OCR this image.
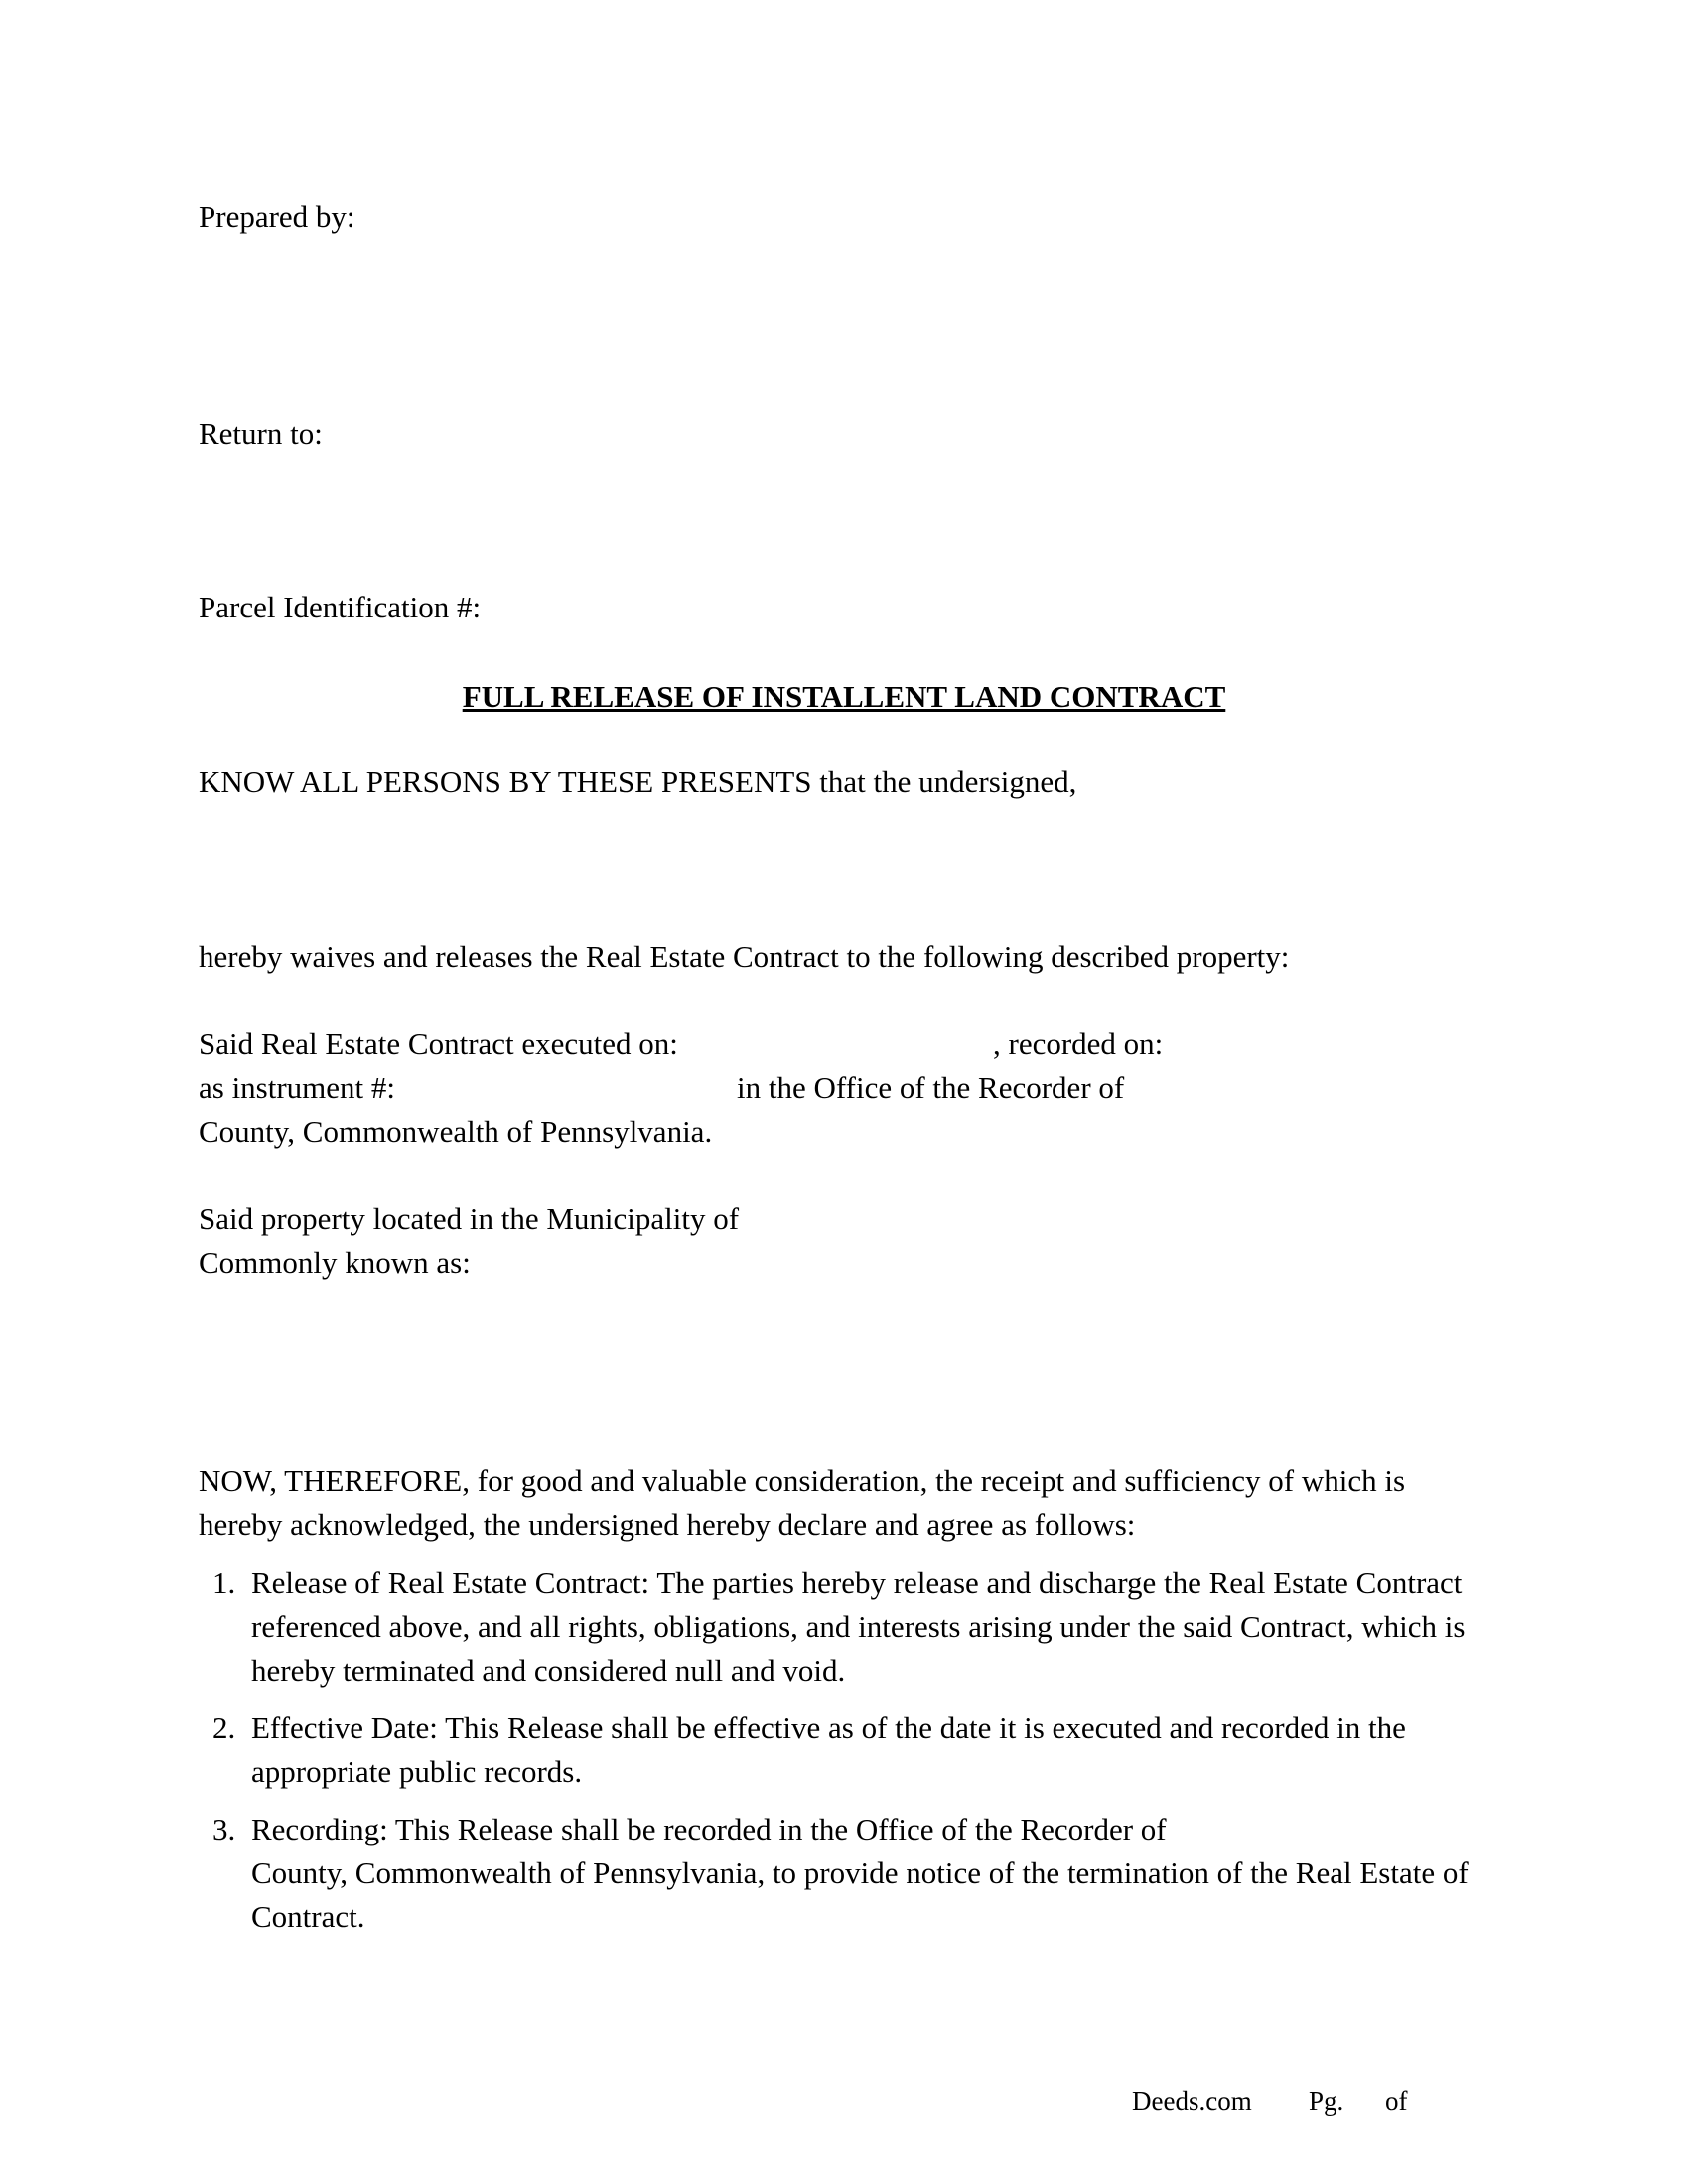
Prepared by:
Return to:
Parcel Identification #:
FULL RELEASE OF INSTALLENT LAND CONTRACT
KNOW ALL PERSONS BY THESE PRESENTS that the undersigned,
hereby waives and releases the Real Estate Contract to the following described property:
Said Real Estate Contract executed on:	, recorded on:
as instrument #:	in the Office of the Recorder of
County, Commonwealth of Pennsylvania.
Said property located in the Municipality of
Commonly known as:
NOW, THEREFORE, for good and valuable consideration, the receipt and sufficiency of which is hereby acknowledged, the undersigned hereby declare and agree as follows:
1. Release of Real Estate Contract: The parties hereby release and discharge the Real Estate Contract referenced above, and all rights, obligations, and interests arising under the said Contract, which is hereby terminated and considered null and void.
2. Effective Date: This Release shall be effective as of the date it is executed and recorded in the appropriate public records.
3. Recording: This Release shall be recorded in the Office of the Recorder of
County, Commonwealth of Pennsylvania, to provide notice of the termination of the Real Estate of Contract.
Deeds.com Pg. of
